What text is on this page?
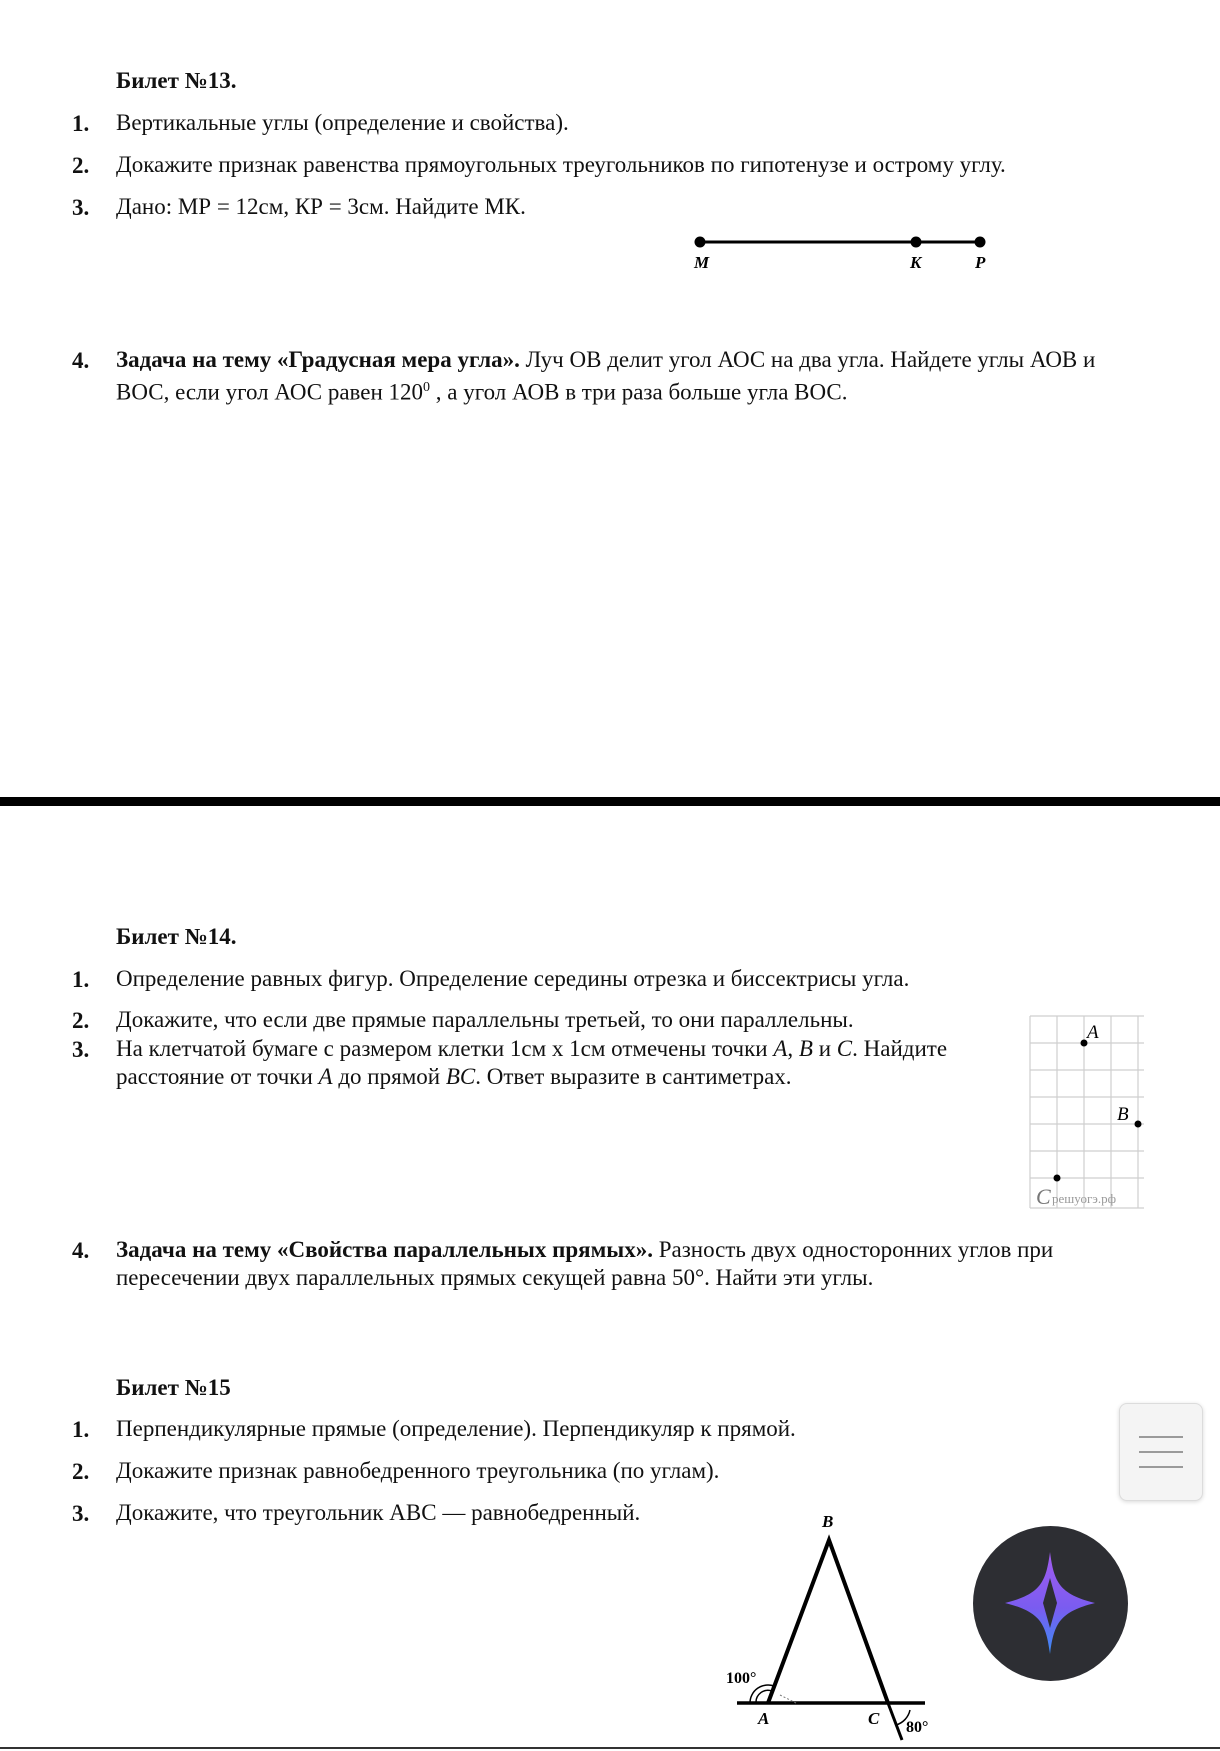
Билет №13.
1. Вертикальные углы (определение и свойства).
2. Докажите признак равенства прямоугольных треугольников по гипотенузе и острому углу.
3. Дано: МР = 12см, КР = 3см. Найдите МК.
M	K	P
4. Задача на тему «Градусная мера угла». Луч ОВ делит угол АОС на два угла. Найдете углы АОВ и ВОС, если угол АОС равен $120^0$ , а угол АОВ в три раза больше угла ВОС.
Билет №14.
1. Определение равных фигур. Определение середины отрезка и биссектрисы угла.
2. Докажите, что если две прямые параллельны третьей, то они параллельны.
3. На клетчатой бумаге с размером клетки 1см х 1см отмечены точки A, B и C. Найдите расстояние от точки A до прямой BC. Ответ выразите в сантиметрах.
A
B
C решуогэ.рф
4. Задача на тему «Свойства параллельных прямых». Разность двух односторонних углов при пересечении двух параллельных прямых секущей равна 50°. Найти эти углы.
Билет №15
1. Перпендикулярные прямые (определение). Перпендикуляр к прямой.
2. Докажите признак равнобедренного треугольника (по углам).
3. Докажите, что треугольник АВС — равнобедренный.	B
A	C
100°
80°
